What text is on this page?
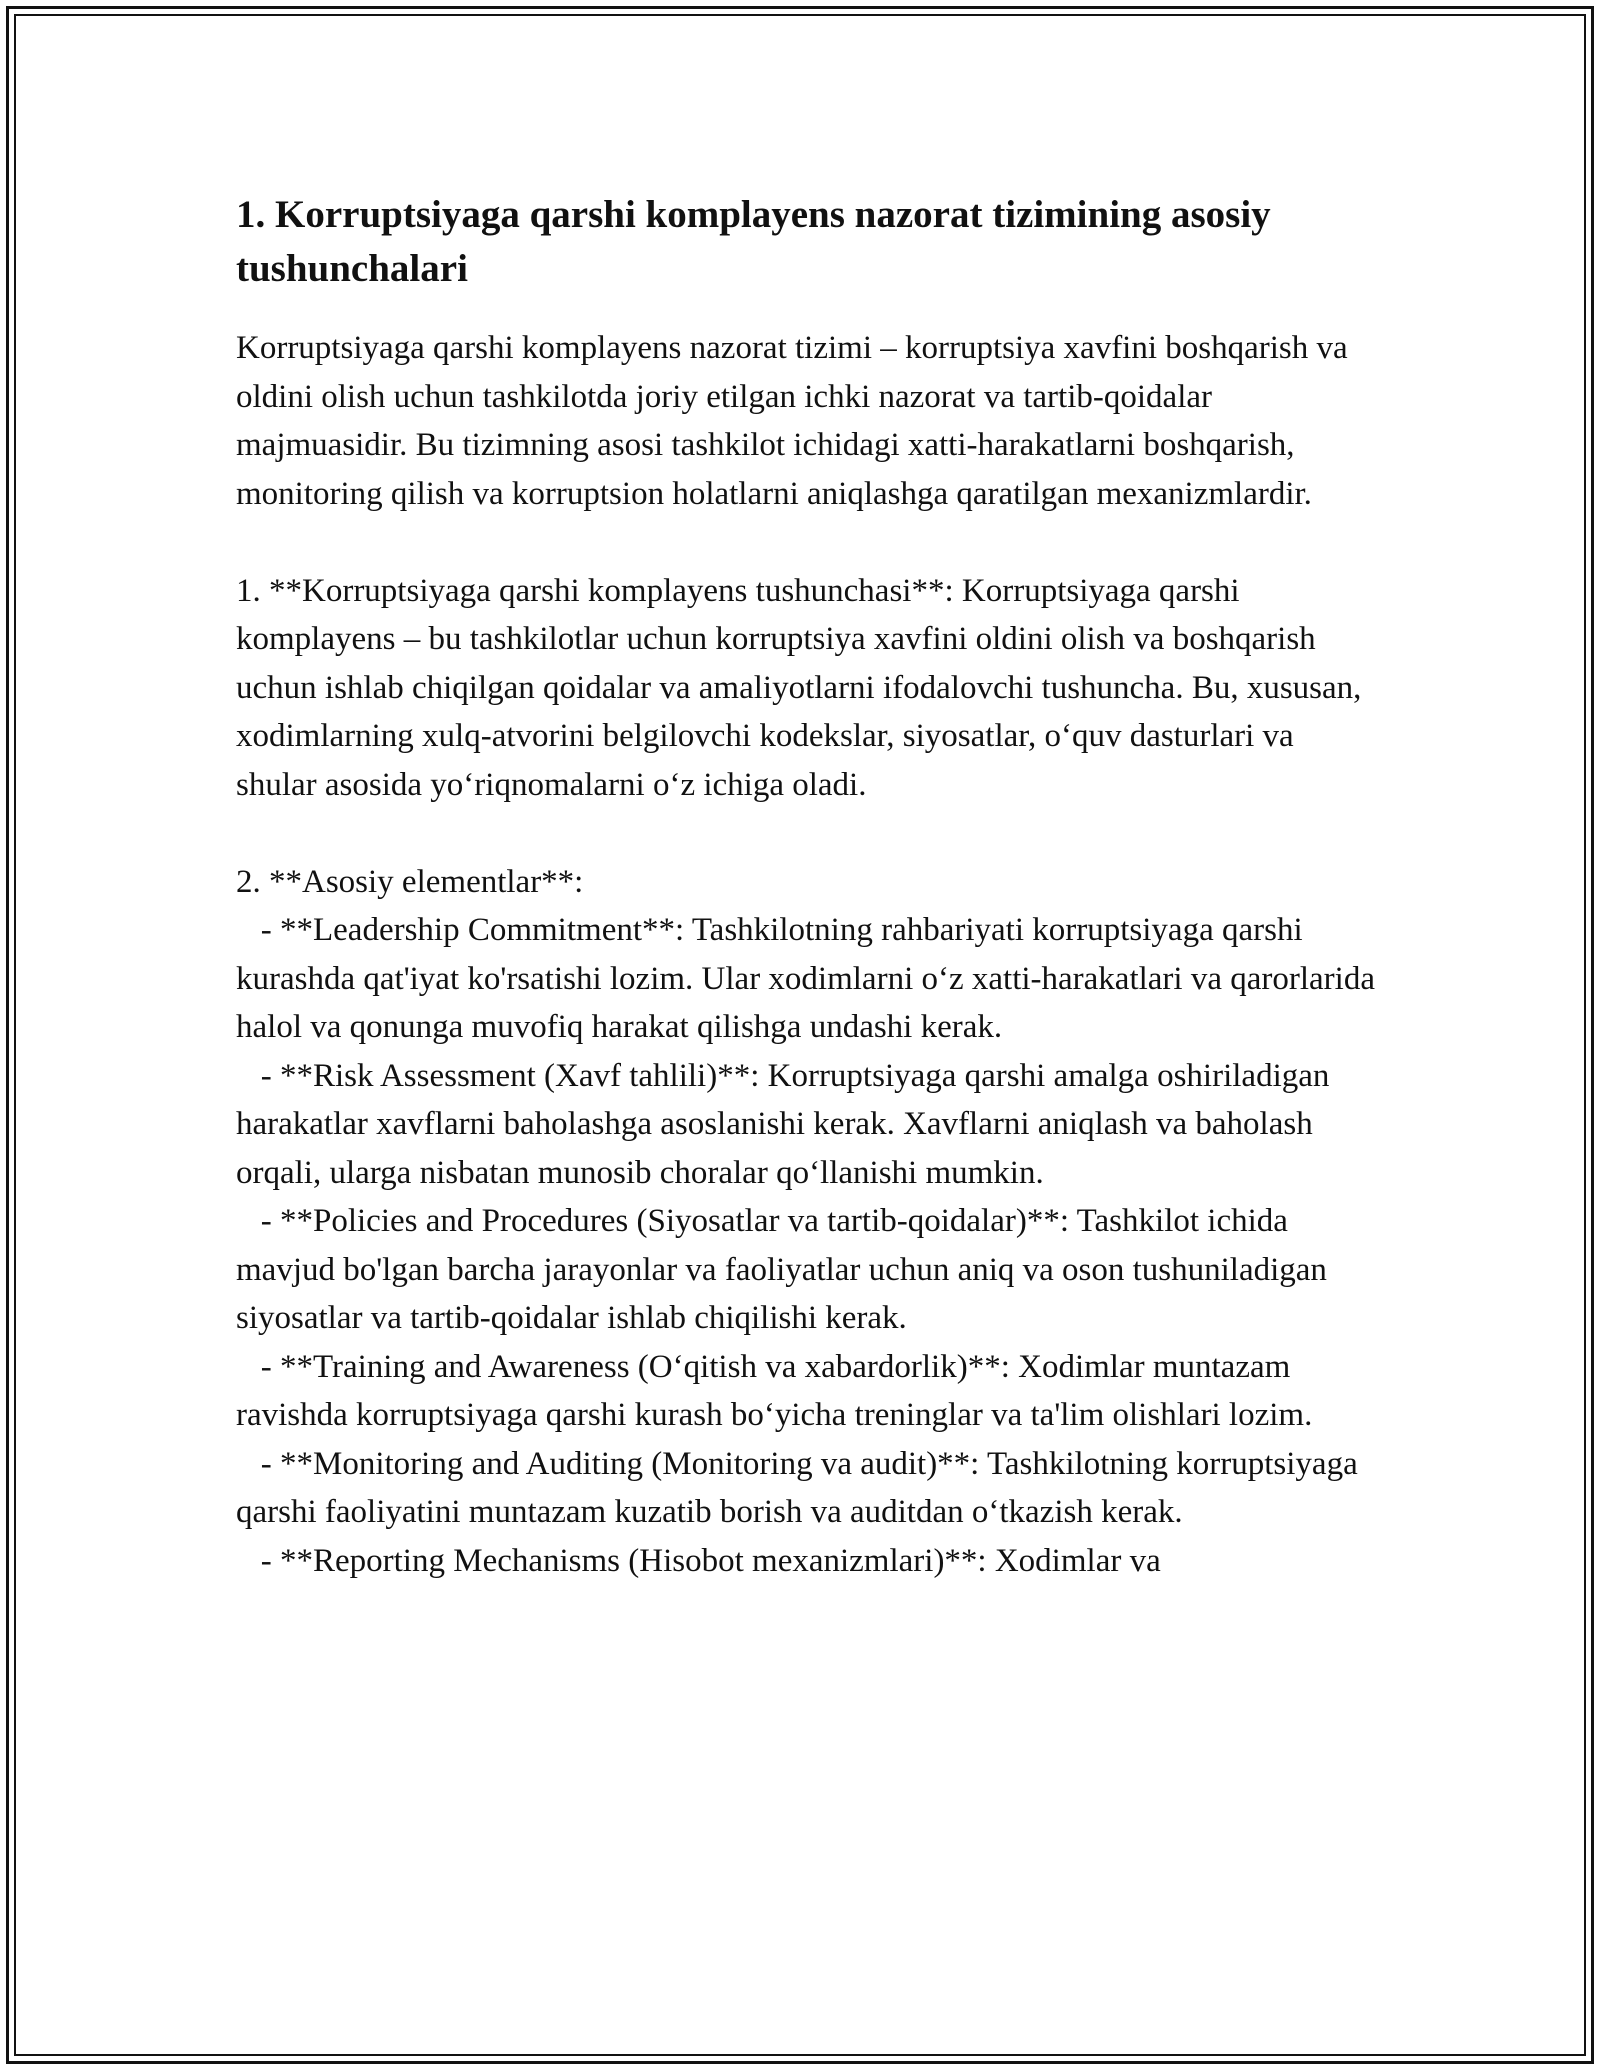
1. Korruptsiyaga qarshi komplayens nazorat tizimining asosiy tushunchalari

Korruptsiyaga qarshi komplayens nazorat tizimi – korruptsiya xavfini boshqarish va oldini olish uchun tashkilotda joriy etilgan ichki nazorat va tartib-qoidalar majmuasidir. Bu tizimning asosi tashkilot ichidagi xatti-harakatlarni boshqarish, monitoring qilish va korruptsion holatlarni aniqlashga qaratilgan mexanizmlardir.

1. **Korruptsiyaga qarshi komplayens tushunchasi**: Korruptsiyaga qarshi komplayens – bu tashkilotlar uchun korruptsiya xavfini oldini olish va boshqarish uchun ishlab chiqilgan qoidalar va amaliyotlarni ifodalovchi tushuncha. Bu, xususan, xodimlarning xulq-atvorini belgilovchi kodekslar, siyosatlar, o‘quv dasturlari va shular asosida yo‘riqnomalarni o‘z ichiga oladi.

2. **Asosiy elementlar**:

- **Leadership Commitment**: Tashkilotning rahbariyati korruptsiyaga qarshi kurashda qat'iyat ko'rsatishi lozim. Ular xodimlarni o‘z xatti-harakatlari va qarorlarida halol va qonunga muvofiq harakat qilishga undashi kerak.

- **Risk Assessment (Xavf tahlili)**: Korruptsiyaga qarshi amalga oshiriladigan harakatlar xavflarni baholashga asoslanishi kerak. Xavflarni aniqlash va baholash orqali, ularga nisbatan munosib choralar qo‘llanishi mumkin.

- **Policies and Procedures (Siyosatlar va tartib-qoidalar)**: Tashkilot ichida mavjud bo'lgan barcha jarayonlar va faoliyatlar uchun aniq va oson tushuniladigan siyosatlar va tartib-qoidalar ishlab chiqilishi kerak.

- **Training and Awareness (O‘qitish va xabardorlik)**: Xodimlar muntazam ravishda korruptsiyaga qarshi kurash bo‘yicha treninglar va ta'lim olishlari lozim.

- **Monitoring and Auditing (Monitoring va audit)**: Tashkilotning korruptsiyaga qarshi faoliyatini muntazam kuzatib borish va auditdan o‘tkazish kerak.

- **Reporting Mechanisms (Hisobot mexanizmlari)**: Xodimlar va
